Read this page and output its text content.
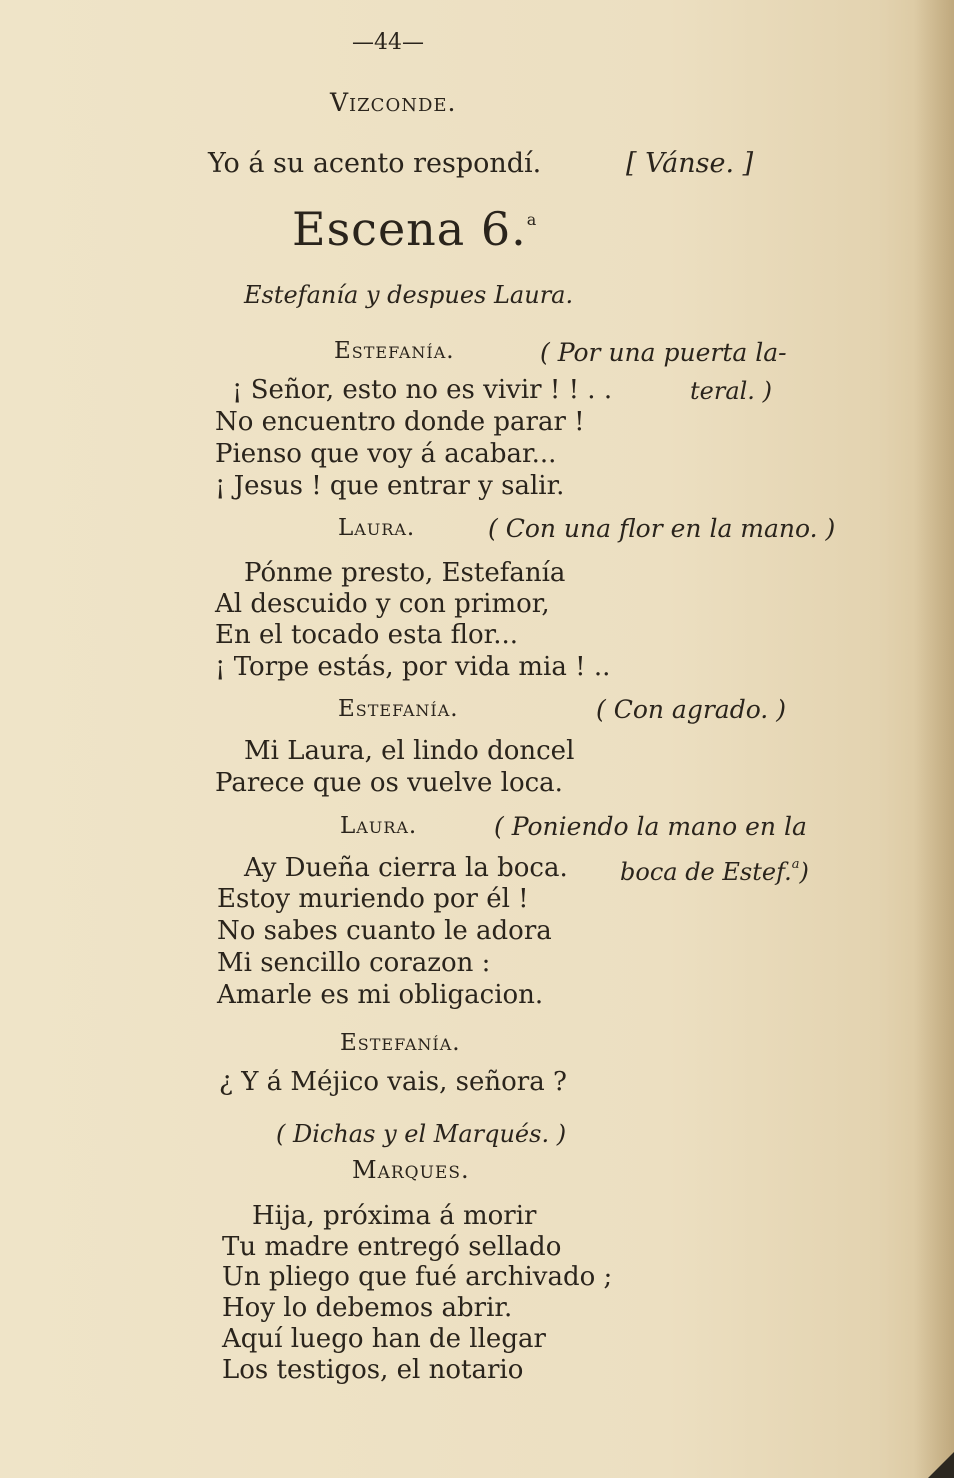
—44—
Vizconde.
Yo á su acento respondí.	[ Vánse. ]
Escena 6.$^a$
Estefanía y despues Laura.
Estefanía.	( Por una puerta la-
¡ Señor, esto no es vivir ! ! . .	teral. )
No encuentro donde parar !
Pienso que voy á acabar...
¡ Jesus ! que entrar y salir.
Laura.	( Con una flor en la mano. )
Pónme presto, Estefanía
Al descuido y con primor,
En el tocado esta flor...
¡ Torpe estás, por vida mia ! ..
Estefanía.	( Con agrado. )
Mi Laura, el lindo doncel
Parece que os vuelve loca.
Laura.	( Poniendo la mano en la
Ay Dueña cierra la boca. boca de Estef.$^a$)
Estoy muriendo por él !
No sabes cuanto le adora
Mi sencillo corazon :
Amarle es mi obligacion.
Estefanía.
¿ Y á Méjico vais, señora ?
( Dichas y el Marqués. )
Marques.
Hija, próxima á morir
Tu madre entregó sellado
Un pliego que fué archivado ;
Hoy lo debemos abrir.
Aquí luego han de llegar
Los testigos, el notario
